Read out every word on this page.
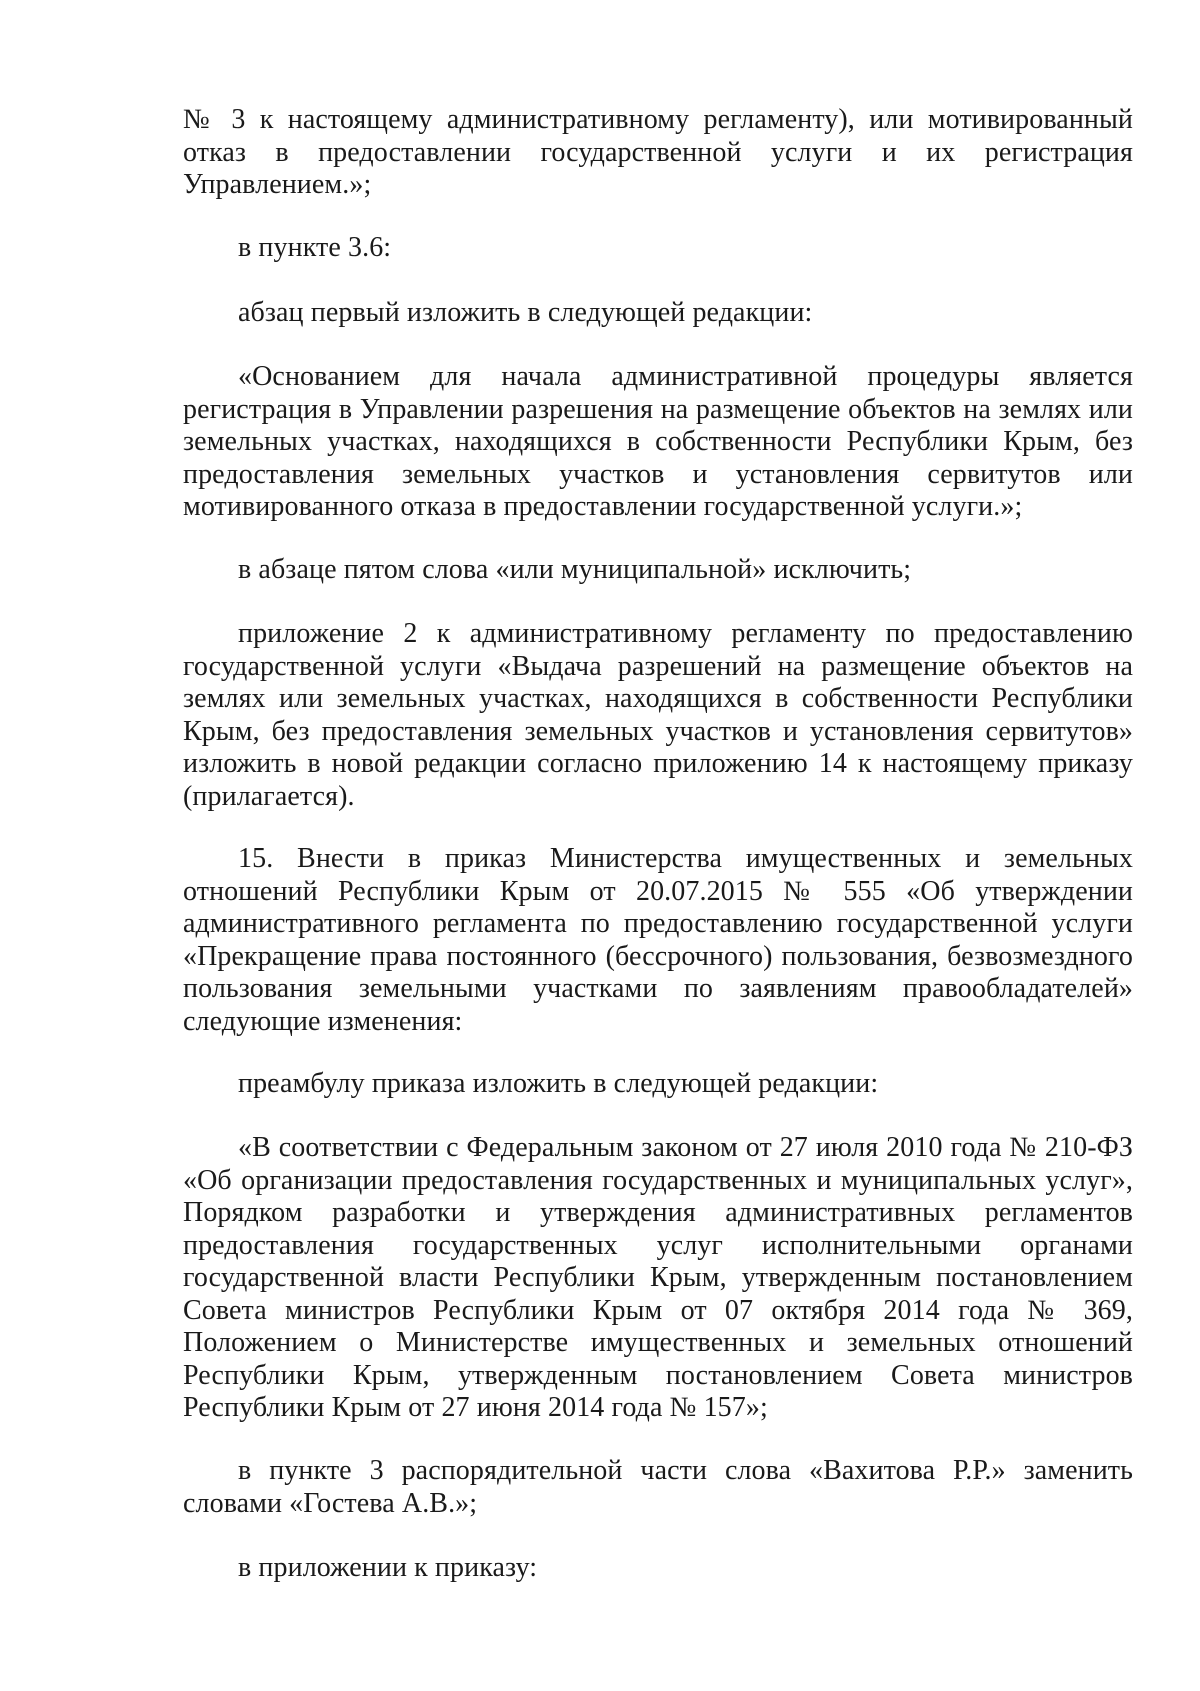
№ 3 к настоящему административному регламенту), или мотивированный отказ в предоставлении государственной услуги и их регистрация Управлением.»;

в пункте 3.6:

абзац первый изложить в следующей редакции:

«Основанием для начала административной процедуры является регистрация в Управлении разрешения на размещение объектов на землях или земельных участках, находящихся в собственности Республики Крым, без предоставления земельных участков и установления сервитутов или мотивированного отказа в предоставлении государственной услуги.»;

в абзаце пятом слова «или муниципальной» исключить;

приложение 2 к административному регламенту по предоставлению государственной услуги «Выдача разрешений на размещение объектов на землях или земельных участках, находящихся в собственности Республики Крым, без предоставления земельных участков и установления сервитутов» изложить в новой редакции согласно приложению 14 к настоящему приказу (прилагается).

15. Внести в приказ Министерства имущественных и земельных отношений Республики Крым от 20.07.2015 № 555 «Об утверждении административного регламента по предоставлению государственной услуги «Прекращение права постоянного (бессрочного) пользования, безвозмездного пользования земельными участками по заявлениям правообладателей» следующие изменения:

преамбулу приказа изложить в следующей редакции:

«В соответствии с Федеральным законом от 27 июля 2010 года № 210-ФЗ «Об организации предоставления государственных и муниципальных услуг», Порядком разработки и утверждения административных регламентов предоставления государственных услуг исполнительными органами государственной власти Республики Крым, утвержденным постановлением Совета министров Республики Крым от 07 октября 2014 года № 369, Положением о Министерстве имущественных и земельных отношений Республики Крым, утвержденным постановлением Совета министров Республики Крым от 27 июня 2014 года № 157»;

в пункте 3 распорядительной части слова «Вахитова Р.Р.» заменить словами «Гостева А.В.»;

в приложении к приказу:
